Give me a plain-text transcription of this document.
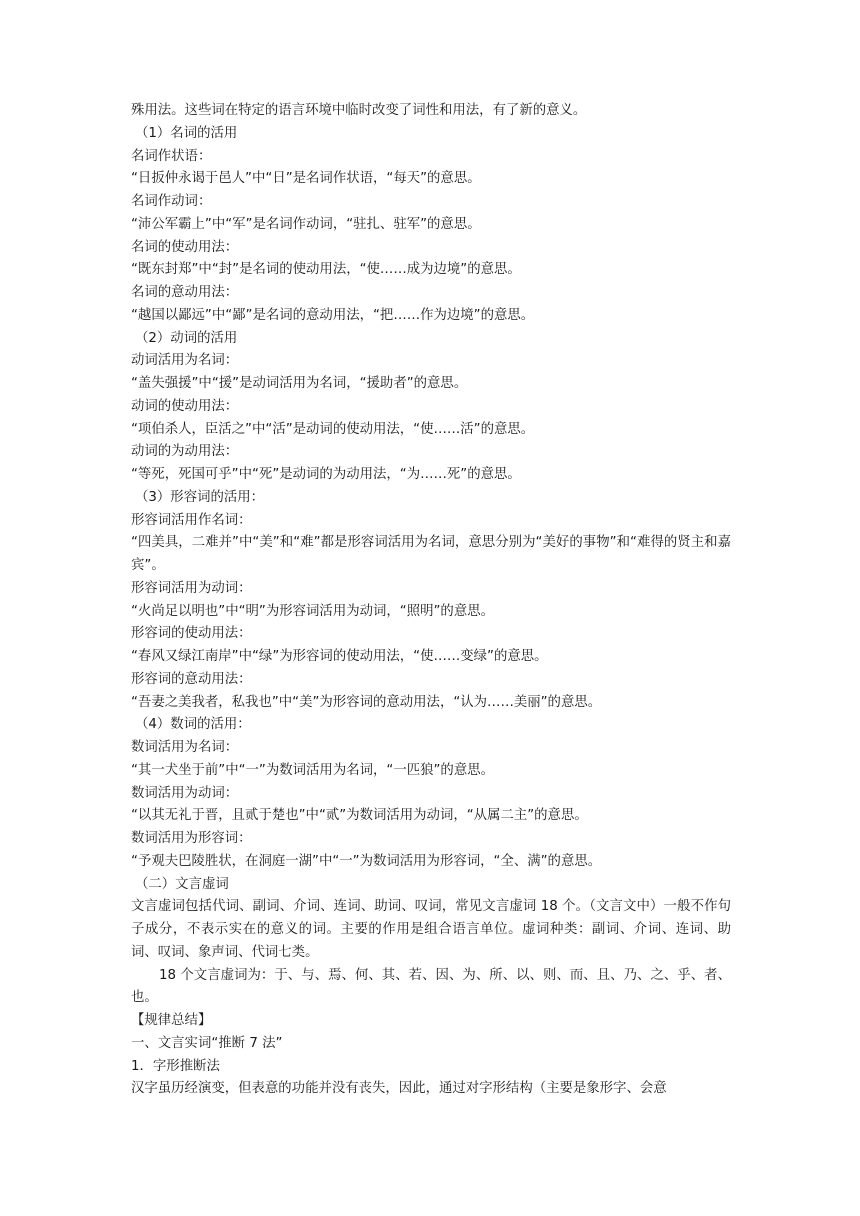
殊用法。这些词在特定的语言环境中临时改变了词性和用法，有了新的意义。

（1）名词的活用

名词作状语：

“日扳仲永谒于邑人”中“日”是名词作状语，“每天”的意思。

名词作动词：

“沛公军霸上”中“军”是名词作动词，“驻扎、驻军”的意思。

名词的使动用法：

“既东封郑”中“封”是名词的使动用法，“使……成为边境”的意思。

名词的意动用法：

“越国以鄙远”中“鄙”是名词的意动用法，“把……作为边境”的意思。

（2）动词的活用

动词活用为名词：

“盖失强援”中“援”是动词活用为名词，“援助者”的意思。

动词的使动用法：

“项伯杀人，臣活之”中“活”是动词的使动用法，“使……活”的意思。

动词的为动用法：

“等死，死国可乎”中“死”是动词的为动用法，“为……死”的意思。

（3）形容词的活用：

形容词活用作名词：

“四美具，二难并”中“美”和“难”都是形容词活用为名词，意思分别为“美好的事物”和“难得的贤主和嘉宾”。

形容词活用为动词：

“火尚足以明也”中“明”为形容词活用为动词，“照明”的意思。

形容词的使动用法：

“春风又绿江南岸”中“绿”为形容词的使动用法，“使……变绿”的意思。

形容词的意动用法：

“吾妻之美我者，私我也”中“美”为形容词的意动用法，“认为……美丽”的意思。

（4）数词的活用：

数词活用为名词：

“其一犬坐于前”中“一”为数词活用为名词，“一匹狼”的意思。

数词活用为动词：

“以其无礼于晋，且贰于楚也”中“贰”为数词活用为动词，“从属二主”的意思。

数词活用为形容词：

“予观夫巴陵胜状，在洞庭一湖”中“一”为数词活用为形容词，“全、满”的意思。

（二）文言虚词

文言虚词包括代词、副词、介词、连词、助词、叹词，常见文言虚词 18 个。（文言文中）一般不作句子成分，不表示实在的意义的词。主要的作用是组合语言单位。虚词种类：副词、介词、连词、助词、叹词、象声词、代词七类。

18 个文言虚词为：于、与、焉、何、其、若、因、为、所、以、则、而、且、乃、之、乎、者、也。

【规律总结】

一、文言实词“推断 7 法”

1．字形推断法

汉字虽历经演变，但表意的功能并没有丧失，因此，通过对字形结构（主要是象形字、会意
